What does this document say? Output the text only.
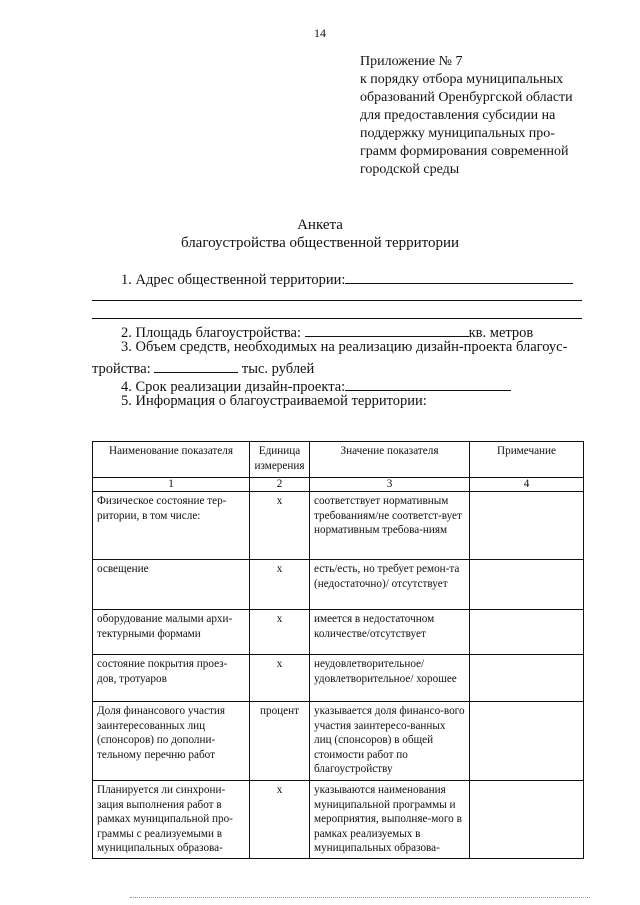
14
Приложение № 7
к порядку отбора муниципальных
образований Оренбургской области
для предоставления субсидии на
поддержку муниципальных про-
грамм формирования современной
городской среды
Анкета
благоустройства общественной территории
1. Адрес общественной территории:
2. Площадь благоустройства:	кв. метров
3. Объем средств, необходимых на реализацию дизайн-проекта благоус-
тройства:	тыс. рублей
4. Срок реализации дизайн-проекта:
5. Информация о благоустраиваемой территории:
Наименование показателя	Единица измерения	Значение показателя	Примечание
1	2	3	4
Физическое состояние тер-ритории, в том числе:	х	соответствует нормативным требованиям/не соответст-вует нормативным требова-ниям	
освещение	х	есть/есть, но требует ремон-та (недостаточно)/ отсутствует	
оборудование малыми архи-тектурными формами	х	имеется в недостаточном количестве/отсутствует	
состояние покрытия проез-дов, тротуаров	х	неудовлетворительное/ удовлетворительное/ хорошее	
Доля финансового участия заинтересованных лиц (спонсоров) по дополни-тельному перечню работ	процент	указывается доля финансо-вого участия заинтересо-ванных лиц (спонсоров) в общей стоимости работ по благоустройству	
Планируется ли синхрони-зация выполнения работ в рамках муниципальной про-граммы с реализуемыми в муниципальных образова-	х	указываются наименования муниципальной программы и мероприятия, выполняе-мого в рамках реализуемых в муниципальных образова-	
